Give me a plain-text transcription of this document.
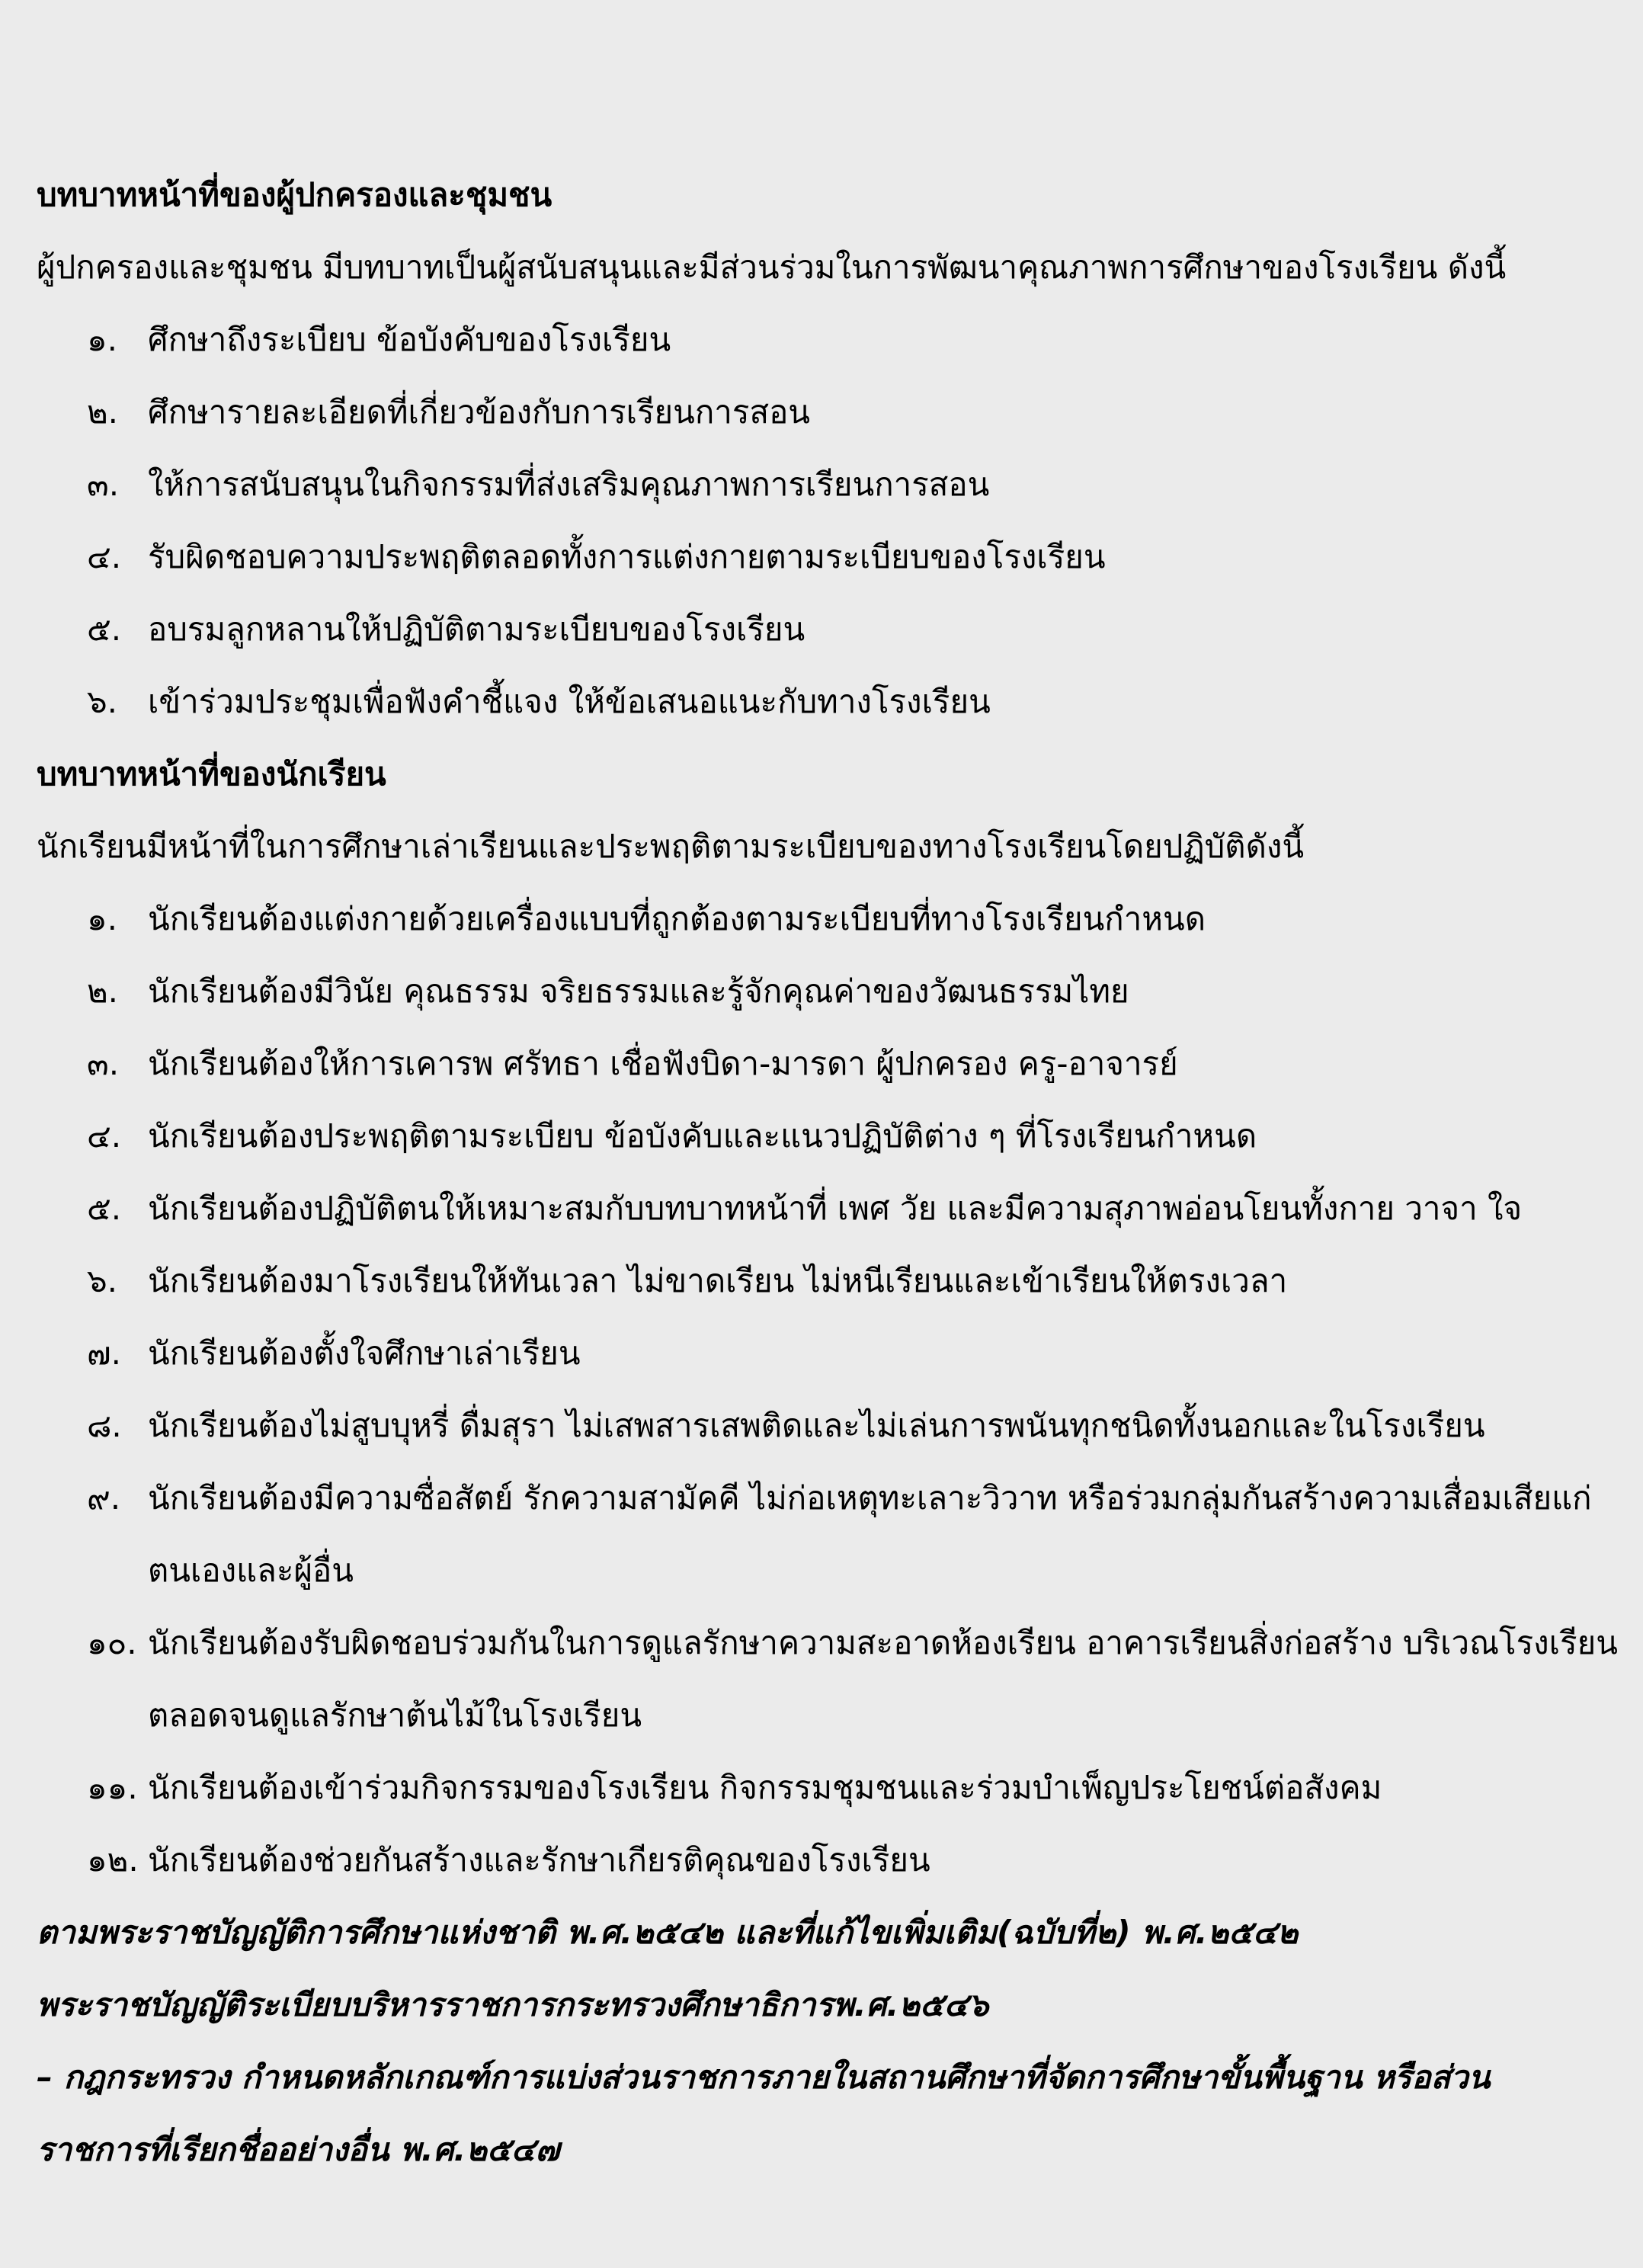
บทบาทหน้าที่ของผู้ปกครองและชุมชน
ผู้ปกครองและชุมชน มีบทบาทเป็นผู้สนับสนุนและมีส่วนร่วมในการพัฒนาคุณภาพการศึกษาของโรงเรียน ดังนี้
๑. ศึกษาถึงระเบียบ ข้อบังคับของโรงเรียน
๒. ศึกษารายละเอียดที่เกี่ยวข้องกับการเรียนการสอน
๓. ให้การสนับสนุนในกิจกรรมที่ส่งเสริมคุณภาพการเรียนการสอน
๔. รับผิดชอบความประพฤติตลอดทั้งการแต่งกายตามระเบียบของโรงเรียน
๕. อบรมลูกหลานให้ปฏิบัติตามระเบียบของโรงเรียน
๖. เข้าร่วมประชุมเพื่อฟังคำชี้แจง ให้ข้อเสนอแนะกับทางโรงเรียน
บทบาทหน้าที่ของนักเรียน
นักเรียนมีหน้าที่ในการศึกษาเล่าเรียนและประพฤติตามระเบียบของทางโรงเรียนโดยปฏิบัติดังนี้
๑. นักเรียนต้องแต่งกายด้วยเครื่องแบบที่ถูกต้องตามระเบียบที่ทางโรงเรียนกำหนด
๒. นักเรียนต้องมีวินัย คุณธรรม จริยธรรมและรู้จักคุณค่าของวัฒนธรรมไทย
๓. นักเรียนต้องให้การเคารพ ศรัทธา เชื่อฟังบิดา-มารดา ผู้ปกครอง ครู-อาจารย์
๔. นักเรียนต้องประพฤติตามระเบียบ ข้อบังคับและแนวปฏิบัติต่าง ๆ ที่โรงเรียนกำหนด
๕. นักเรียนต้องปฏิบัติตนให้เหมาะสมกับบทบาทหน้าที่ เพศ วัย และมีความสุภาพอ่อนโยนทั้งกาย วาจา ใจ
๖. นักเรียนต้องมาโรงเรียนให้ทันเวลา ไม่ขาดเรียน ไม่หนีเรียนและเข้าเรียนให้ตรงเวลา
๗. นักเรียนต้องตั้งใจศึกษาเล่าเรียน
๘. นักเรียนต้องไม่สูบบุหรี่ ดื่มสุรา ไม่เสพสารเสพติดและไม่เล่นการพนันทุกชนิดทั้งนอกและในโรงเรียน
๙. นักเรียนต้องมีความซื่อสัตย์ รักความสามัคคี ไม่ก่อเหตุทะเลาะวิวาท หรือร่วมกลุ่มกันสร้างความเสื่อมเสียแก่
ตนเองและผู้อื่น
๑๐. นักเรียนต้องรับผิดชอบร่วมกันในการดูแลรักษาความสะอาดห้องเรียน อาคารเรียนสิ่งก่อสร้าง บริเวณโรงเรียน
ตลอดจนดูแลรักษาต้นไม้ในโรงเรียน
๑๑. นักเรียนต้องเข้าร่วมกิจกรรมของโรงเรียน กิจกรรมชุมชนและร่วมบำเพ็ญประโยชน์ต่อสังคม
๑๒. นักเรียนต้องช่วยกันสร้างและรักษาเกียรติคุณของโรงเรียน
ตามพระราชบัญญัติการศึกษาแห่งชาติ พ.ศ.๒๕๔๒ และที่แก้ไขเพิ่มเติม(ฉบับที่๒) พ.ศ.๒๕๔๒
พระราชบัญญัติระเบียบบริหารราชการกระทรวงศึกษาธิการพ.ศ.๒๕๔๖
– กฎกระทรวง กำหนดหลักเกณฑ์การแบ่งส่วนราชการภายในสถานศึกษาที่จัดการศึกษาขั้นพื้นฐาน หรือส่วน
ราชการที่เรียกชื่ออย่างอื่น พ.ศ.๒๕๔๗
